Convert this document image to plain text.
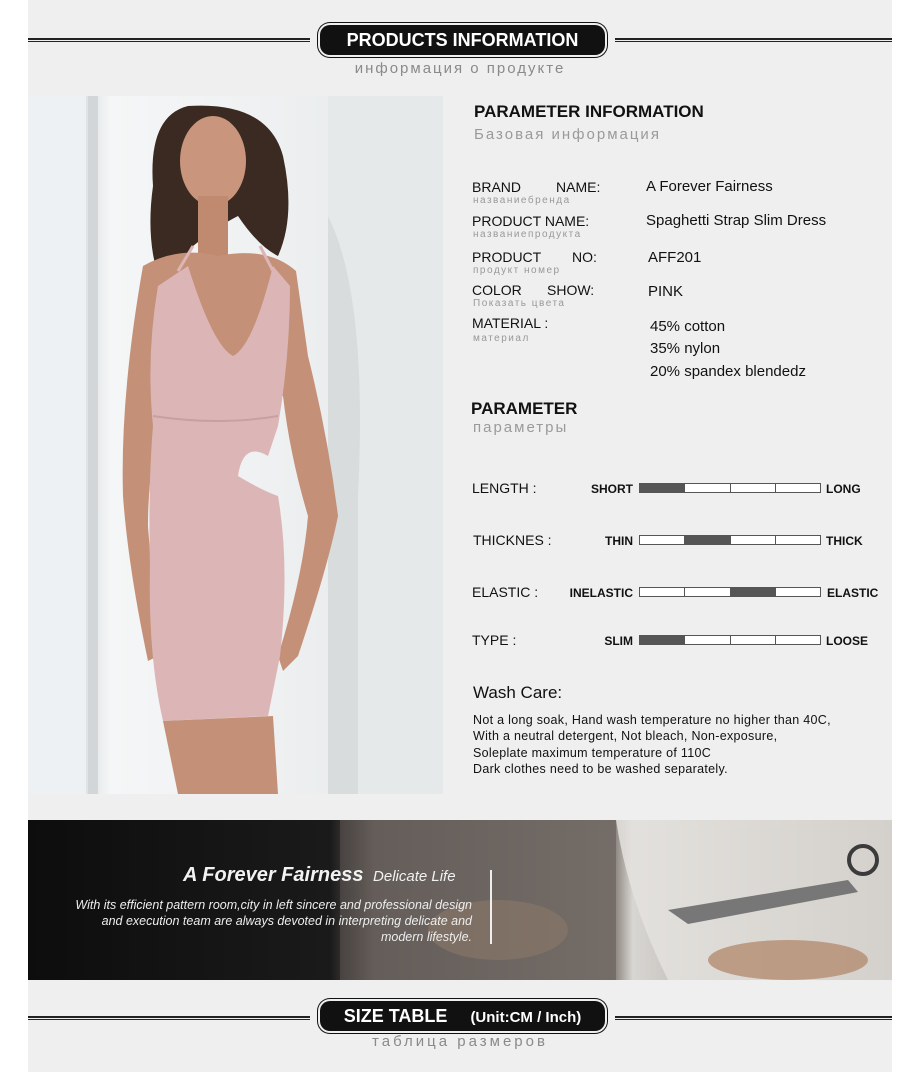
PRODUCTS INFORMATION
информация о продукте
PARAMETER INFORMATION
Базовая информация
BRAND NAME:
названиебренда
A Forever Fairness
PRODUCT NAME:
названиепродукта
Spaghetti Strap Slim Dress
PRODUCT NO:
продукт номер
AFF201
COLOR SHOW:
Показать цвета
PINK
MATERIAL :
материал
45% cotton
35% nylon
20% spandex blendedz
PARAMETER
параметры
LENGTH :	SHORT	LONG
THICKNES :	THIN	THICK
ELASTIC :	INELASTIC	ELASTIC
TYPE :	SLIM	LOOSE
Wash Care:
Not a long soak, Hand wash temperature no higher than 40C,
With a neutral detergent, Not bleach, Non-exposure,
Soleplate maximum temperature of 110C
Dark clothes need to be washed separately.
A Forever Fairness Delicate Life
With its efficient pattern room,city in left sincere and professional design
and execution team are always devoted in interpreting delicate and
modern lifestyle.
SIZE TABLE (Unit:CM / Inch)
таблица размеров
